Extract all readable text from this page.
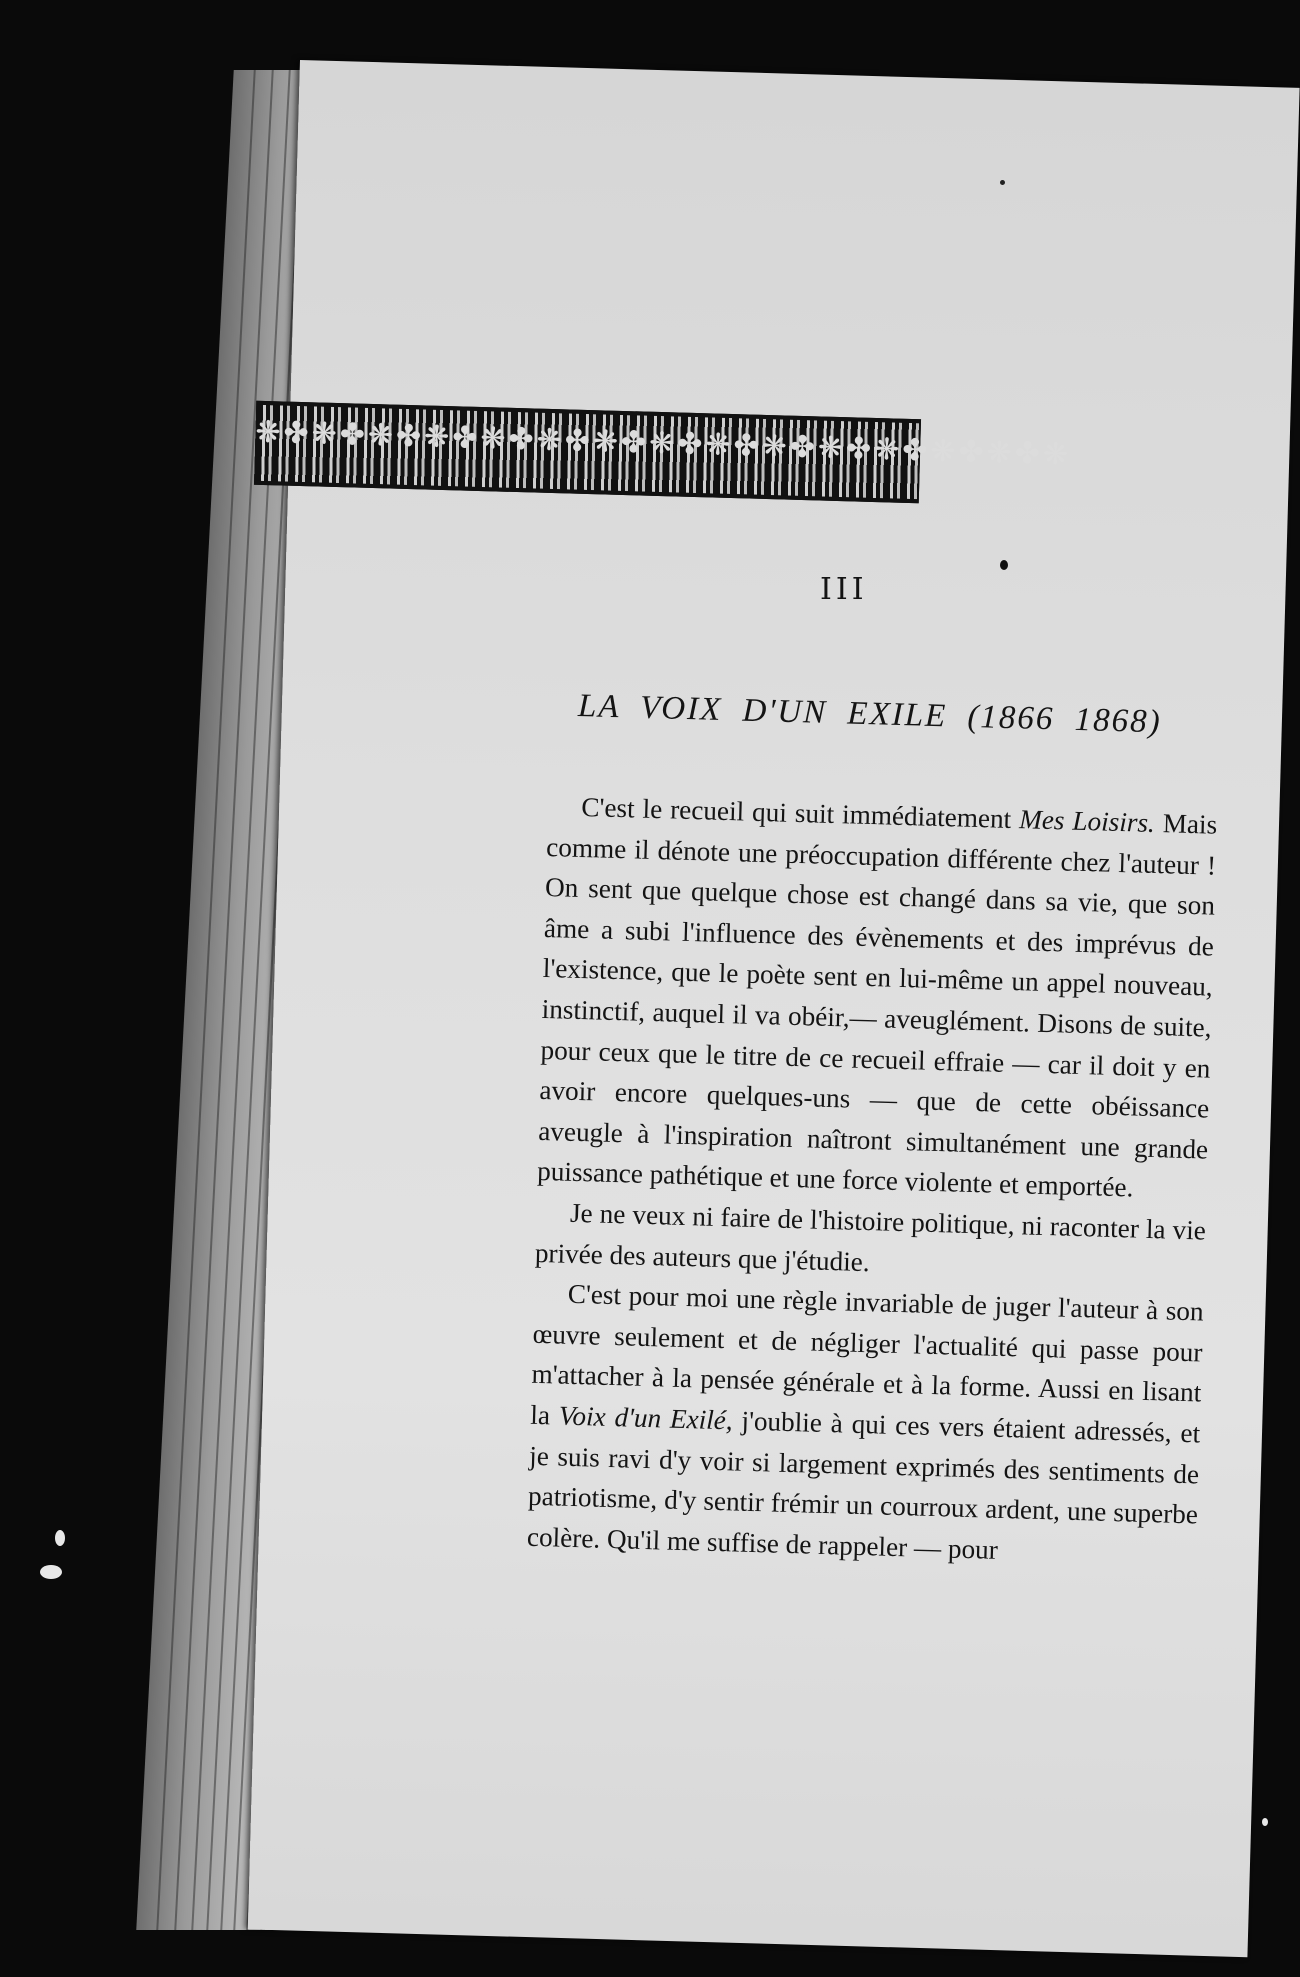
❋✤❋✤❋✤❋✤❋✤❋✤❋✤❋✤❋✤❋✤❋✤❋✤❋✤❋✤❋
III
LA VOIX D'UN EXILE (1866 1868)

C'est le recueil qui suit immédiatement Mes Loisirs. Mais comme il dénote une préoccupation différente chez l'auteur ! On sent que quelque chose est changé dans sa vie, que son âme a subi l'influence des évènements et des imprévus de l'existence, que le poète sent en lui-même un appel nouveau, instinctif, auquel il va obéir,— aveuglément. Disons de suite, pour ceux que le titre de ce recueil effraie — car il doit y en avoir encore quelques-uns — que de cette obéissance aveugle à l'inspiration naîtront simultanément une grande puissance pathétique et une force violente et emportée.

Je ne veux ni faire de l'histoire politique, ni raconter la vie privée des auteurs que j'étudie.

C'est pour moi une règle invariable de juger l'auteur à son œuvre seulement et de négliger l'actualité qui passe pour m'attacher à la pensée générale et à la forme. Aussi en lisant la Voix d'un Exilé, j'oublie à qui ces vers étaient adressés, et je suis ravi d'y voir si largement exprimés des sentiments de patriotisme, d'y sentir frémir un courroux ardent, une superbe colère. Qu'il me suffise de rappeler — pour
